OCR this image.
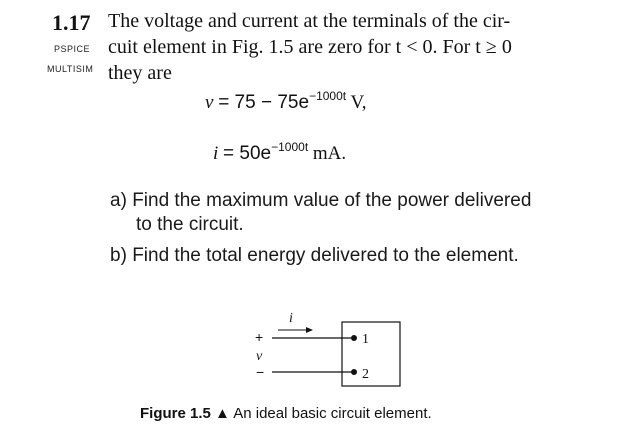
1.17
PSPICE
MULTISIM
The voltage and current at the terminals of the cir-
cuit element in Fig. 1.5 are zero for t < 0. For t ≥ 0
they are
$v = 75 - 75e^{-1000t}$ V,
$i = 50e^{-1000t}$ mA.
a) Find the maximum value of the power delivered
to the circuit.
b) Find the total energy delivered to the element.
i
+
v
−
1
2
Figure 1.5 ▲ An ideal basic circuit element.
